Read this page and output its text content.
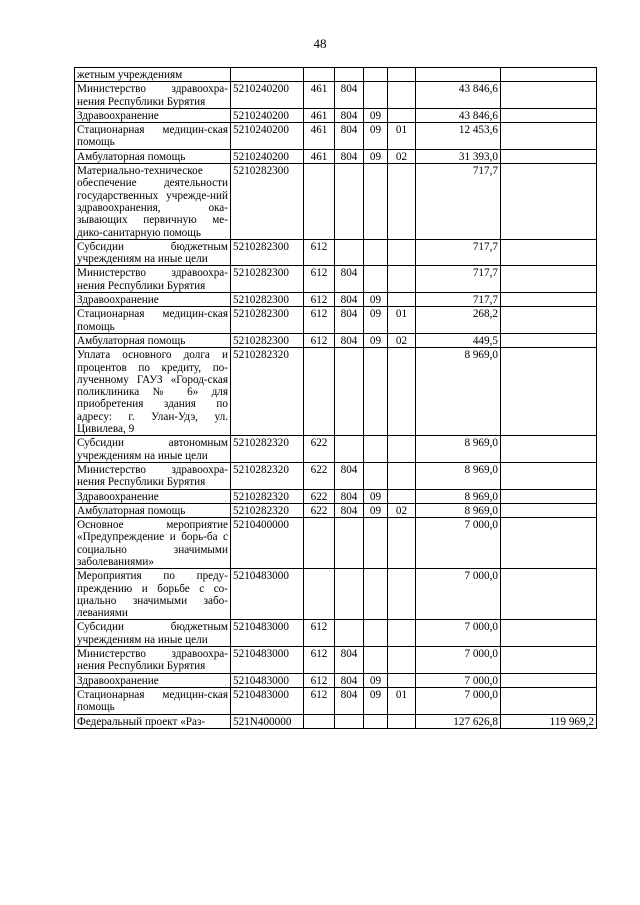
48
жетным учреждениям							
Министерство здравоохра-нения Республики Бурятия	5210240200	461	804			43 846,6	
Здравоохранение	5210240200	461	804	09		43 846,6	
Стационарная медицин-ская помощь	5210240200	461	804	09	01	12 453,6	
Амбулаторная помощь	5210240200	461	804	09	02	31 393,0	
Материально-техническое обеспечение деятельности государственных учрежде-ний здравоохранения, ока-зывающих первичную ме-дико-санитарную помощь	5210282300					717,7	
Субсидии бюджетным учреждениям на иные цели	5210282300	612				717,7	
Министерство здравоохра-нения Республики Бурятия	5210282300	612	804			717,7	
Здравоохранение	5210282300	612	804	09		717,7	
Стационарная медицин-ская помощь	5210282300	612	804	09	01	268,2	
Амбулаторная помощь	5210282300	612	804	09	02	449,5	
Уплата основного долга и процентов по кредиту, по-лученному ГАУЗ «Город-ская поликлиника № 6» для приобретения здания по адресу: г. Улан-Удэ, ул. Цивилева, 9	5210282320					8 969,0	
Субсидии автономным учреждениям на иные цели	5210282320	622				8 969,0	
Министерство здравоохра-нения Республики Бурятия	5210282320	622	804			8 969,0	
Здравоохранение	5210282320	622	804	09		8 969,0	
Амбулаторная помощь	5210282320	622	804	09	02	8 969,0	
Основное мероприятие «Предупреждение и борь-ба с социально значимыми заболеваниями»	5210400000					7 000,0	
Мероприятия по преду-преждению и борьбе с со-циально значимыми забо-леваниями	5210483000					7 000,0	
Субсидии бюджетным учреждениям на иные цели	5210483000	612				7 000,0	
Министерство здравоохра-нения Республики Бурятия	5210483000	612	804			7 000,0	
Здравоохранение	5210483000	612	804	09		7 000,0	
Стационарная медицин-ская помощь	5210483000	612	804	09	01	7 000,0	
Федеральный проект «Раз-	521N400000					127 626,8	119 969,2
